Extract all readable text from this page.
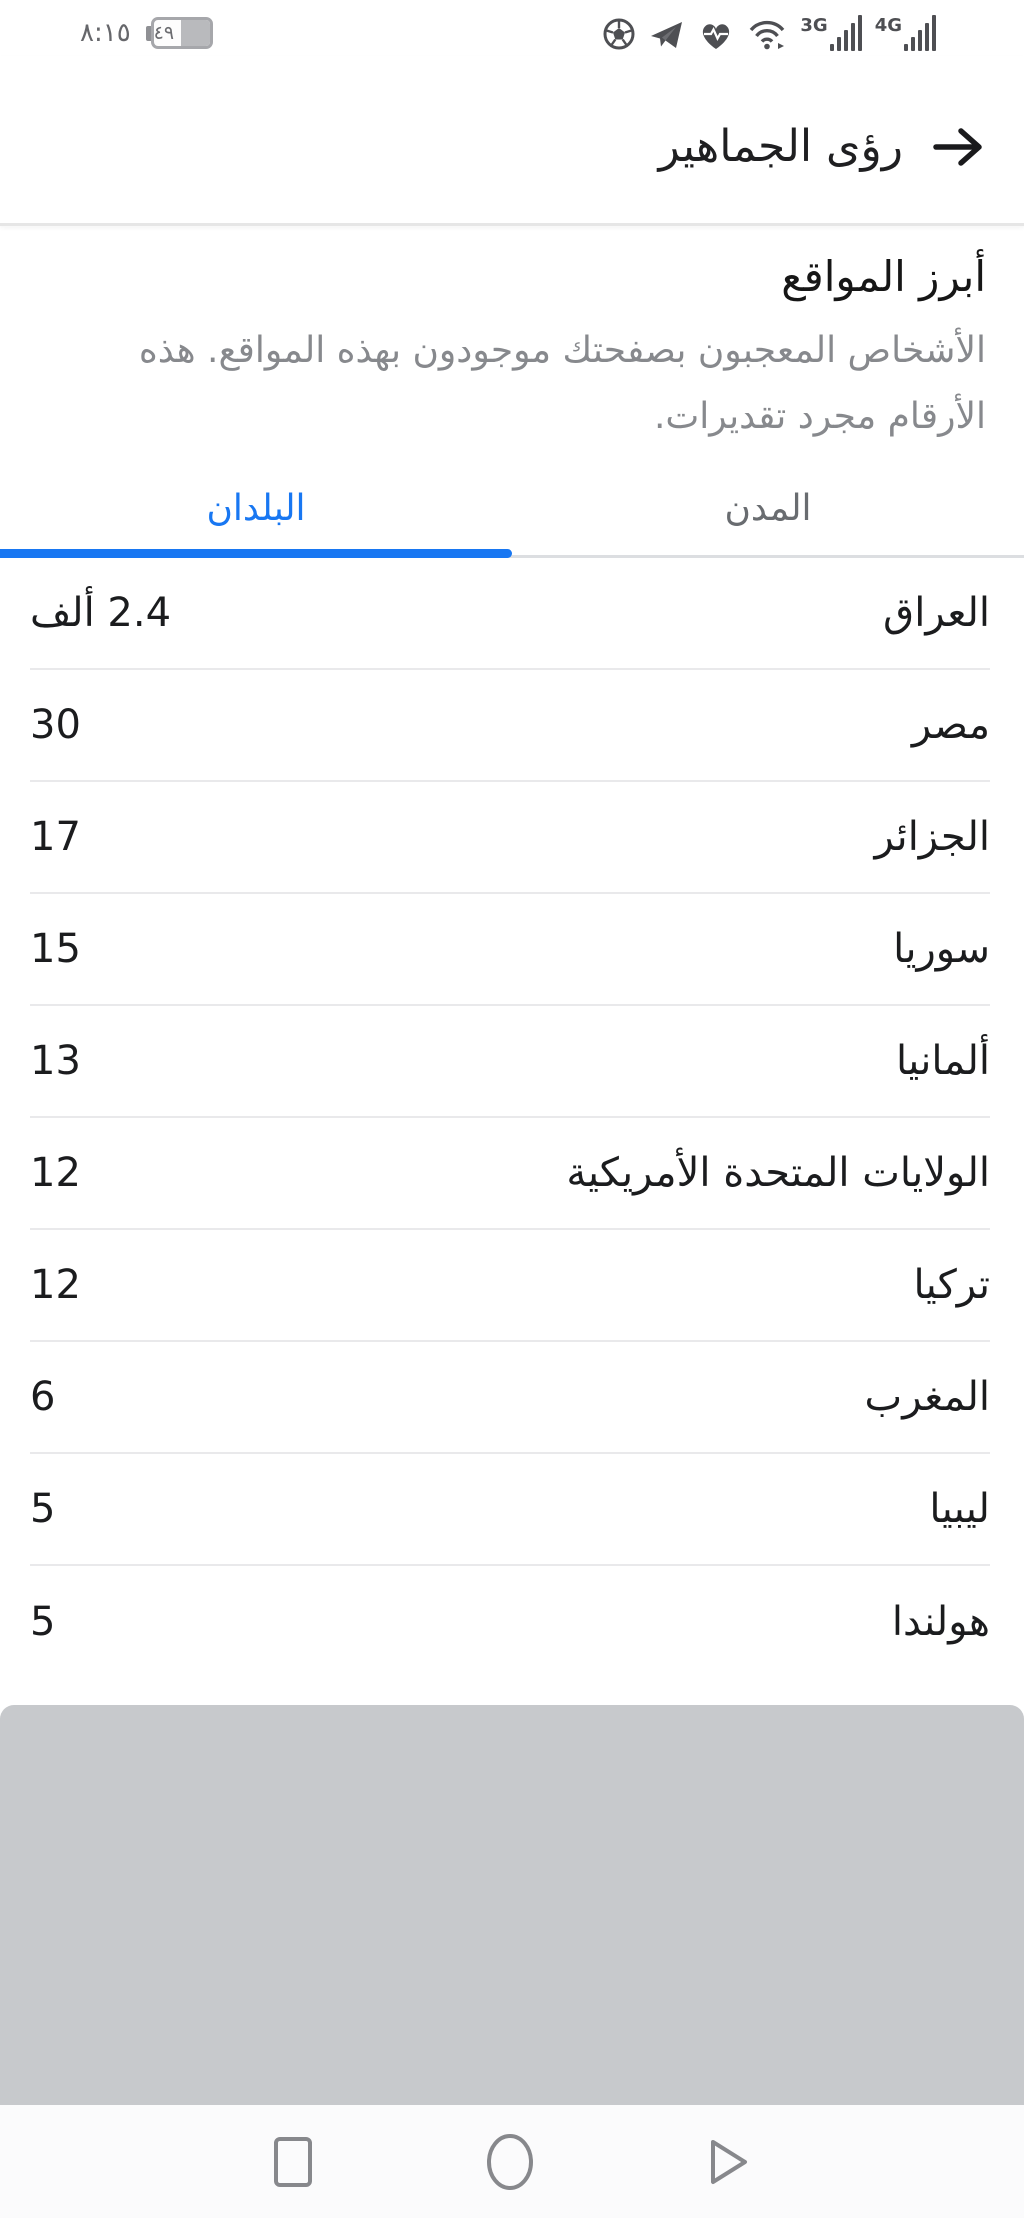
٨:١٥ ٤٩	3G	4G
رؤى الجماهير
أبرز المواقع

الأشخاص المعجبون بصفحتك موجودون بهذه المواقع. هذه الأرقام مجرد تقديرات.

المدن
البلدان
العراق
2.4 ألف
مصر
30
الجزائر
17
سوريا
15
ألمانيا
13
الولايات المتحدة الأمريكية
12
تركيا
12
المغرب
6
ليبيا
5
هولندا
5
